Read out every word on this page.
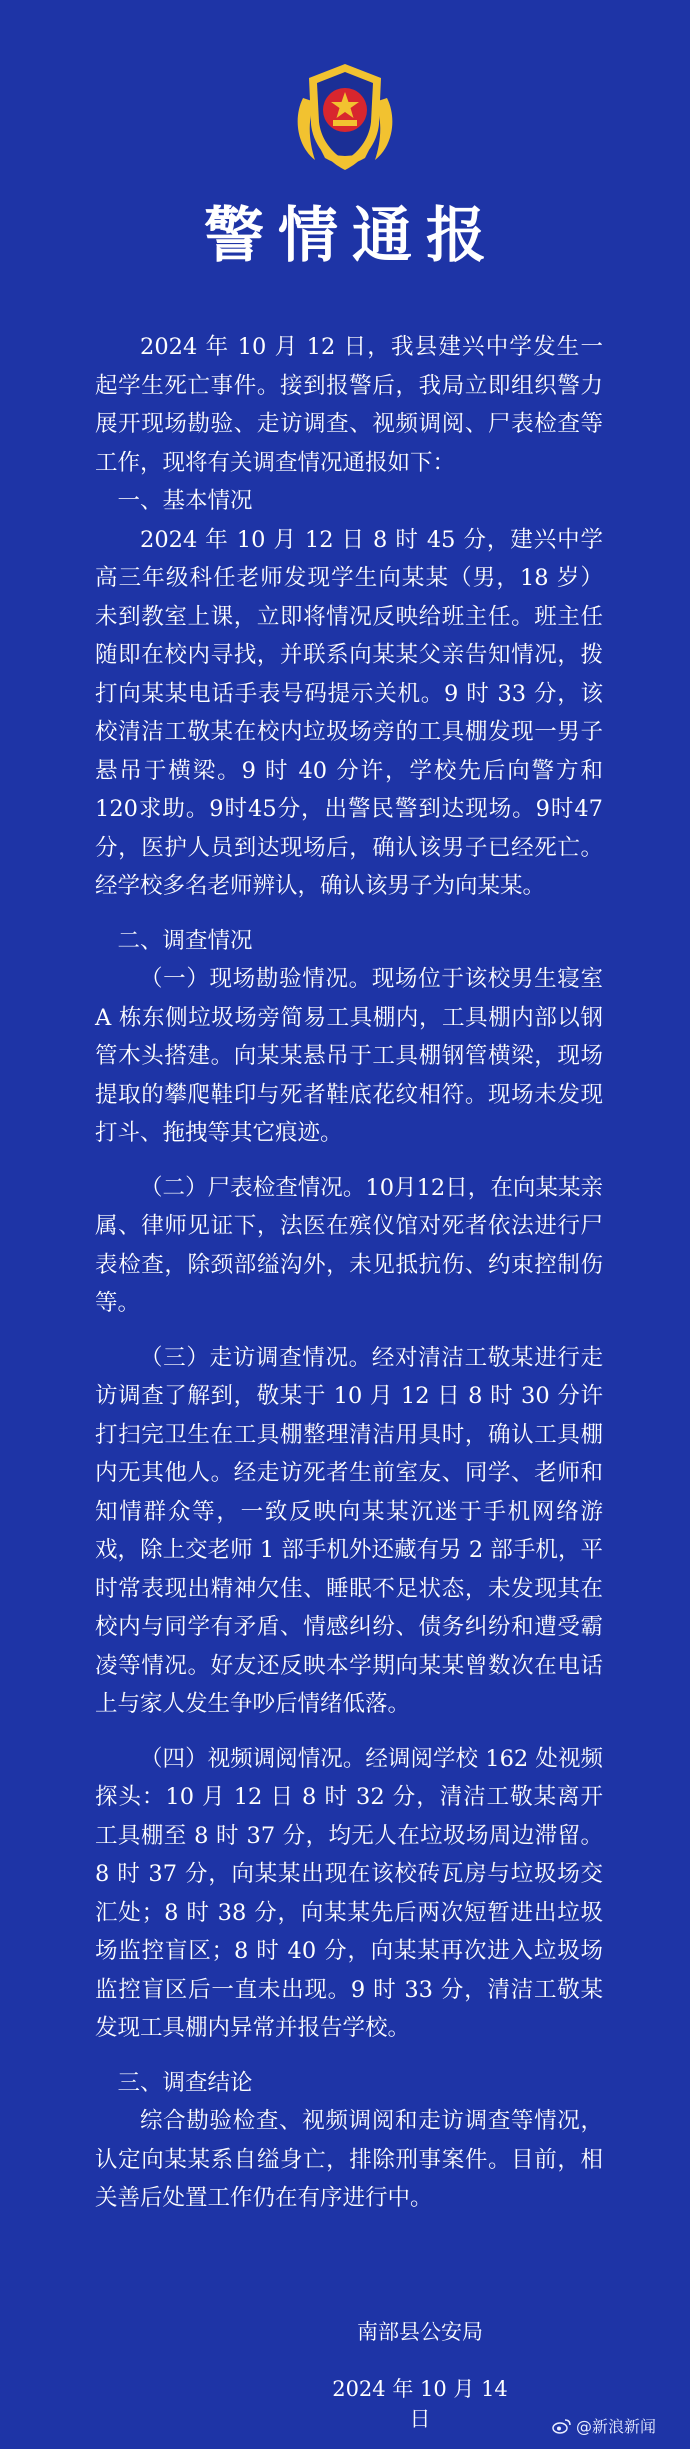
警情通报

2024 年 10 月 12 日，我县建兴中学发生一起学生死亡事件。接到报警后，我局立即组织警力展开现场勘验、走访调查、视频调阅、尸表检查等工作，现将有关调查情况通报如下：

一、基本情况

2024 年 10 月 12 日 8 时 45 分，建兴中学高三年级科任老师发现学生向某某（男，18 岁）未到教室上课，立即将情况反映给班主任。班主任随即在校内寻找，并联系向某某父亲告知情况，拨打向某某电话手表号码提示关机。9 时 33 分，该校清洁工敬某在校内垃圾场旁的工具棚发现一男子悬吊于横梁。9 时 40 分许，学校先后向警方和120求助。9时45分，出警民警到达现场。9时47分，医护人员到达现场后，确认该男子已经死亡。经学校多名老师辨认，确认该男子为向某某。

二、调查情况

（一）现场勘验情况。现场位于该校男生寝室A 栋东侧垃圾场旁简易工具棚内，工具棚内部以钢管木头搭建。向某某悬吊于工具棚钢管横梁，现场提取的攀爬鞋印与死者鞋底花纹相符。现场未发现打斗、拖拽等其它痕迹。

（二）尸表检查情况。10月12日，在向某某亲属、律师见证下，法医在殡仪馆对死者依法进行尸表检查，除颈部缢沟外，未见抵抗伤、约束控制伤等。

（三）走访调查情况。经对清洁工敬某进行走访调查了解到，敬某于 10 月 12 日 8 时 30 分许打扫完卫生在工具棚整理清洁用具时，确认工具棚内无其他人。经走访死者生前室友、同学、老师和知情群众等，一致反映向某某沉迷于手机网络游戏，除上交老师 1 部手机外还藏有另 2 部手机，平时常表现出精神欠佳、睡眠不足状态，未发现其在校内与同学有矛盾、情感纠纷、债务纠纷和遭受霸凌等情况。好友还反映本学期向某某曾数次在电话上与家人发生争吵后情绪低落。

（四）视频调阅情况。经调阅学校 162 处视频探头：10 月 12 日 8 时 32 分，清洁工敬某离开工具棚至 8 时 37 分，均无人在垃圾场周边滞留。8 时 37 分，向某某出现在该校砖瓦房与垃圾场交汇处；8 时 38 分，向某某先后两次短暂进出垃圾场监控盲区；8 时 40 分，向某某再次进入垃圾场监控盲区后一直未出现。9 时 33 分，清洁工敬某发现工具棚内异常并报告学校。

三、调查结论

综合勘验检查、视频调阅和走访调查等情况，认定向某某系自缢身亡，排除刑事案件。目前，相关善后处置工作仍在有序进行中。

南部县公安局
2024 年 10 月 14 日	@新浪新闻
